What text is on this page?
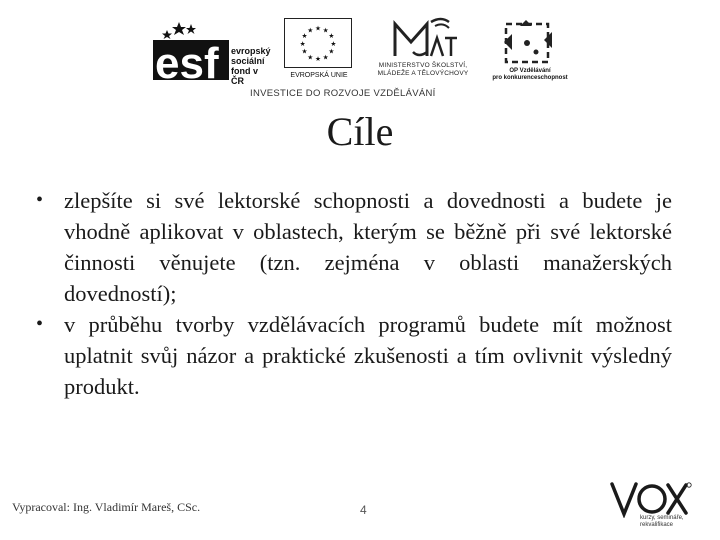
esf evropský
sociální
fond v ČR
★ ★
★
★
★
★
★
★
★
★
★
★
EVROPSKÁ UNIE
MINISTERSTVO ŠKOLSTVÍ,
MLÁDEŽE A TĚLOVÝCHOVY	OP Vzdělávání
pro konkurenceschopnost
INVESTICE DO ROZVOJE VZDĚLÁVÁNÍ
Cíle
• zlepšíte si své lektorské schopnosti a dovednosti a budete je vhodně aplikovat v oblastech, kterým se běžně při své lektorské činnosti věnujete (tzn. zejména v oblasti manažerských dovedností);
• v průběhu tvorby vzdělávacích programů budete mít možnost uplatnit svůj názor a praktické zkušenosti a tím ovlivnit výsledný produkt.
Vypracoval: Ing. Vladimír Mareš, CSc.	4
kurzy, semináře,
rekvalifikace
